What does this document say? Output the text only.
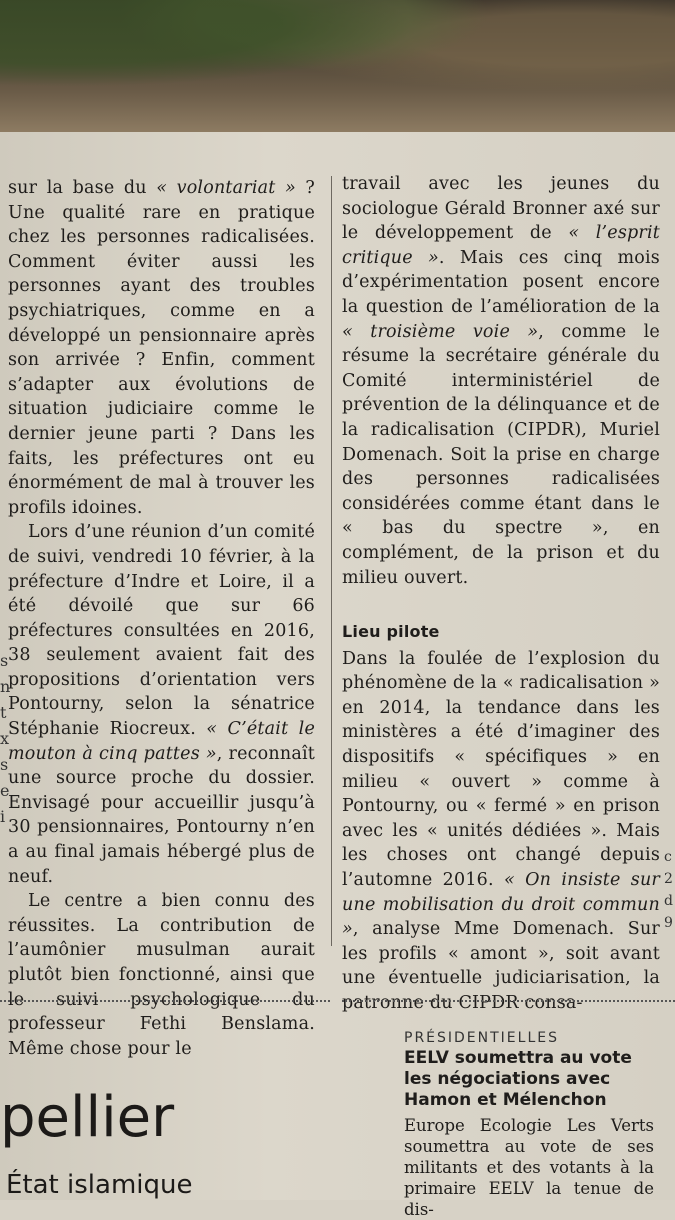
s
n
t
x
s
e
i

sur la base du « volontariat » ? Une qualité rare en pratique chez les personnes radicalisées. Comment éviter aussi les personnes ayant des troubles psychiatriques, comme en a développé un pensionnaire après son arrivée ? Enfin, comment s’adapter aux évolutions de situation judiciaire comme le dernier jeune parti ? Dans les faits, les préfectures ont eu énormément de mal à trouver les profils idoines.

Lors d’une réunion d’un comité de suivi, vendredi 10 février, à la préfecture d’Indre et Loire, il a été dévoilé que sur 66 préfectures consultées en 2016, 38 seulement avaient fait des propositions d’orientation vers Pontourny, selon la sénatrice Stéphanie Riocreux. « C’était le mouton à cinq pattes », reconnaît une source proche du dossier. Envisagé pour accueillir jusqu’à 30 pensionnaires, Pontourny n’en a au final jamais hébergé plus de neuf.

Le centre a bien connu des réussites. La contribution de l’aumônier musulman aurait plutôt bien fonctionné, ainsi que le suivi psychologique du professeur Fethi Benslama. Même chose pour le

travail avec les jeunes du sociologue Gérald Bronner axé sur le développement de « l’esprit critique ». Mais ces cinq mois d’expérimentation posent encore la question de l’amélioration de la « troisième voie », comme le résume la secrétaire générale du Comité interministériel de prévention de la délinquance et de la radicalisation (CIPDR), Muriel Domenach. Soit la prise en charge des personnes radicalisées considérées comme étant dans le « bas du spectre », en complément, de la prison et du milieu ouvert.

Lieu pilote

Dans la foulée de l’explosion du phénomène de la « radicalisation » en 2014, la tendance dans les ministères a été d’imaginer des dispositifs « spécifiques » en milieu « ouvert » comme à Pontourny, ou « fermé » en prison avec les « unités dédiées ». Mais les choses ont changé depuis l’automne 2016. « On insiste sur une mobilisation du droit commun », analyse Mme Domenach. Sur les profils « amont », soit avant une éventuelle judiciarisation, la patronne du CIPDR consa-

c
2
d
9
pellier
État islamique
PRÉSIDENTIELLES
EELV soumettra au vote les négociations avec Hamon et Mélenchon
Europe Ecologie Les Verts soumettra au vote de ses militants et des votants à la primaire EELV la tenue de dis-
